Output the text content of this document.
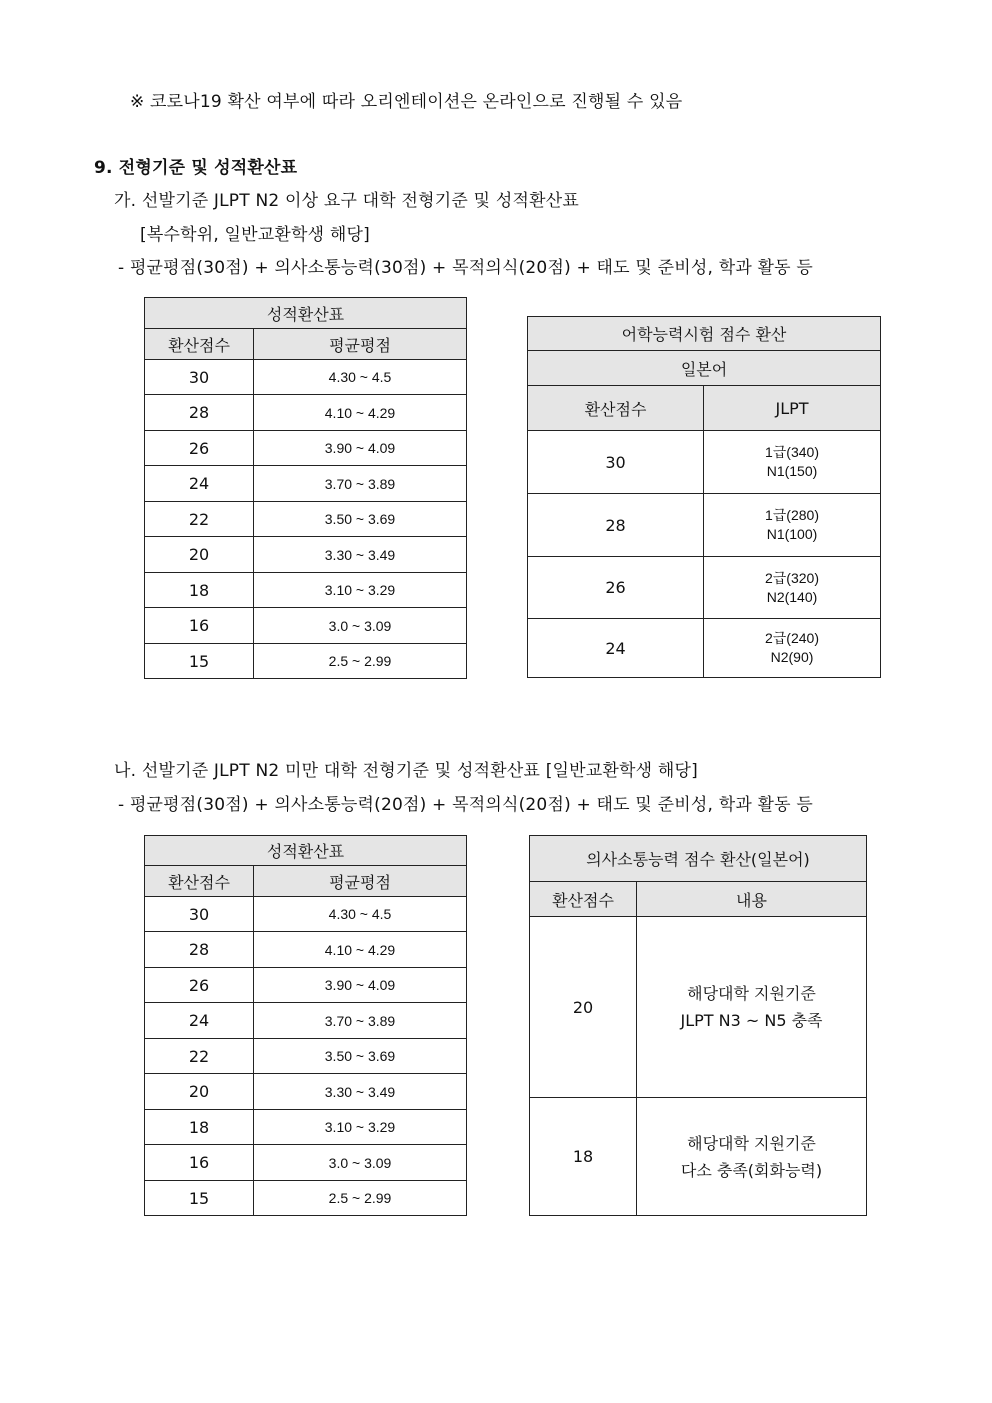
※ 코로나19 확산 여부에 따라 오리엔테이션은 온라인으로 진행될 수 있음
9. 전형기준 및 성적환산표
가. 선발기준 JLPT N2 이상 요구 대학 전형기준 및 성적환산표
[복수학위, 일반교환학생 해당]
- 평균평점(30점) + 의사소통능력(30점) + 목적의식(20점) + 태도 및 준비성, 학과 활동 등
성적환산표	
환산점수	평균평점
30	4.30 ~ 4.5
28	4.10 ~ 4.29
26	3.90 ~ 4.09
24	3.70 ~ 3.89
22	3.50 ~ 3.69
20	3.30 ~ 3.49
18	3.10 ~ 3.29
16	3.0 ~ 3.09
15	2.5 ~ 2.99
어학능력시험 점수 환산	
일본어	
환산점수	JLPT
30	1급(340)
N1(150)

28	1급(280)
N1(100)

26	2급(320)
N2(140)

24	2급(240)
N2(90)
나. 선발기준 JLPT N2 미만 대학 전형기준 및 성적환산표 [일반교환학생 해당]
- 평균평점(30점) + 의사소통능력(20점) + 목적의식(20점) + 태도 및 준비성, 학과 활동 등
성적환산표	
환산점수	평균평점
30	4.30 ~ 4.5
28	4.10 ~ 4.29
26	3.90 ~ 4.09
24	3.70 ~ 3.89
22	3.50 ~ 3.69
20	3.30 ~ 3.49
18	3.10 ~ 3.29
16	3.0 ~ 3.09
15	2.5 ~ 2.99
의사소통능력 점수 환산(일본어)	
환산점수	내용
20	해당대학 지원기준
JLPT N3 ~ N5 충족

18	해당대학 지원기준
다소 충족(회화능력)
